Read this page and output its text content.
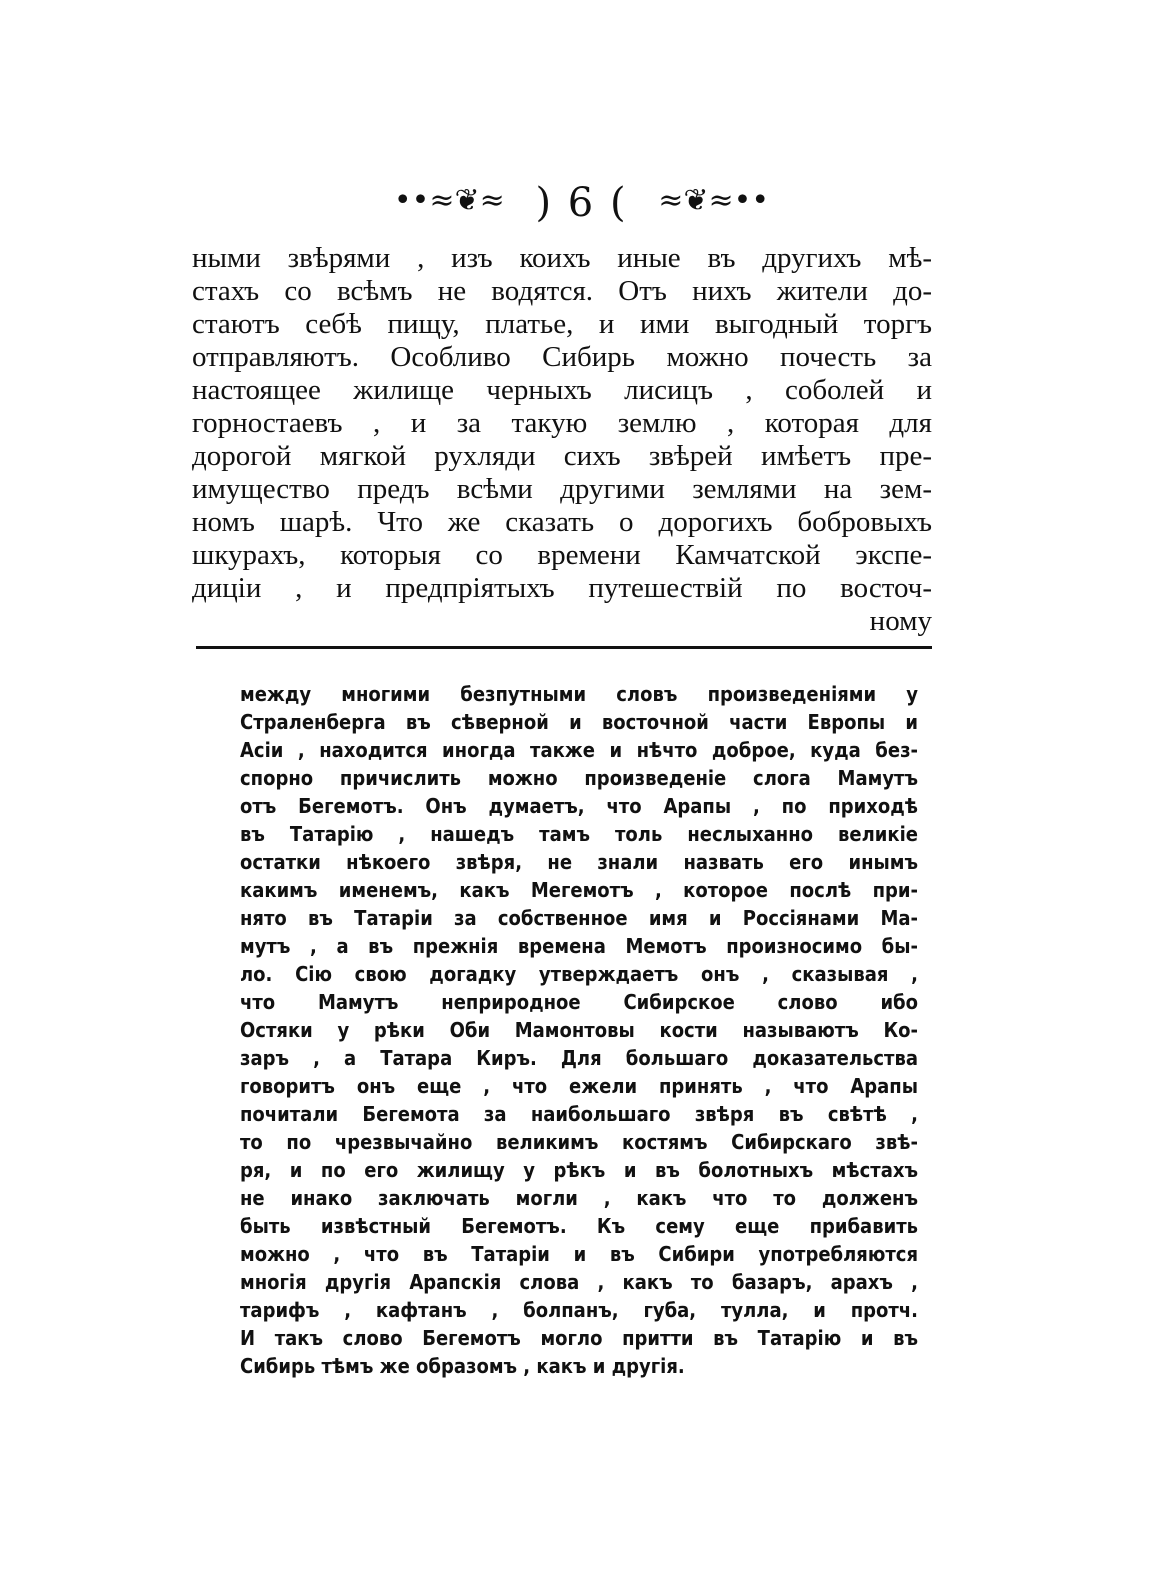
••≈❦≈ ) 6 ( ≈❦≈••
ными звѣрями , изъ коихъ иные въ другихъ мѣ-
стахъ со всѣмъ не водятся. Отъ нихъ жители до-
стаютъ себѣ пищу, платье, и ими выгодный торгъ
отправляютъ. Особливо Сибирь можно почесть за
настоящее жилище черныхъ лисицъ , соболей и
горностаевъ , и за такую землю , которая для
дорогой мягкой рухляди сихъ звѣрей имѣетъ пре-
имущество предъ всѣми другими землями на зем-
номъ шарѣ. Что же сказать о дорогихъ бобровыхъ
шкурахъ, которыя со времени Камчатской экспе-
диціи , и предпріятыхъ путешествій по восточ-
ному
между многими безпутными словъ произведеніями у
Страленберга въ сѣверной и восточной части Европы и
Асіи , находится иногда также и нѣчто доброе, куда без-
спорно причислить можно произведеніе слога Мамутъ
отъ Бегемотъ. Онъ думаетъ, что Арапы , по приходѣ
въ Татарію , нашедъ тамъ толь неслыханно великіе
остатки нѣкоего звѣря, не знали назвать его инымъ
какимъ именемъ, какъ Мегемотъ , которое послѣ при-
нято въ Татаріи за собственное имя и Россіянами Ма-
мутъ , а въ прежнія времена Мемотъ произносимо бы-
ло. Сію свою догадку утверждаетъ онъ , сказывая ,
что Мамутъ неприродное Сибирское слово ибо
Остяки у рѣки Оби Мамонтовы кости называютъ Ко-
заръ , а Татара Киръ. Для большаго доказательства
говоритъ онъ еще , что ежели принять , что Арапы
почитали Бегемота за наибольшаго звѣря въ свѣтѣ ,
то по чрезвычайно великимъ костямъ Сибирскаго звѣ-
ря, и по его жилищу у рѣкъ и въ болотныхъ мѣстахъ
не инако заключать могли , какъ что то долженъ
быть извѣстный Бегемотъ. Къ сему еще прибавить
можно , что въ Татаріи и въ Сибири употребляются
многія другія Арапскія слова , какъ то базаръ, арахъ ,
тарифъ , кафтанъ , болпанъ, губа, тулла, и протч.
И такъ слово Бегемотъ могло притти въ Татарію и въ
Сибирь тѣмъ же образомъ , какъ и другія.
